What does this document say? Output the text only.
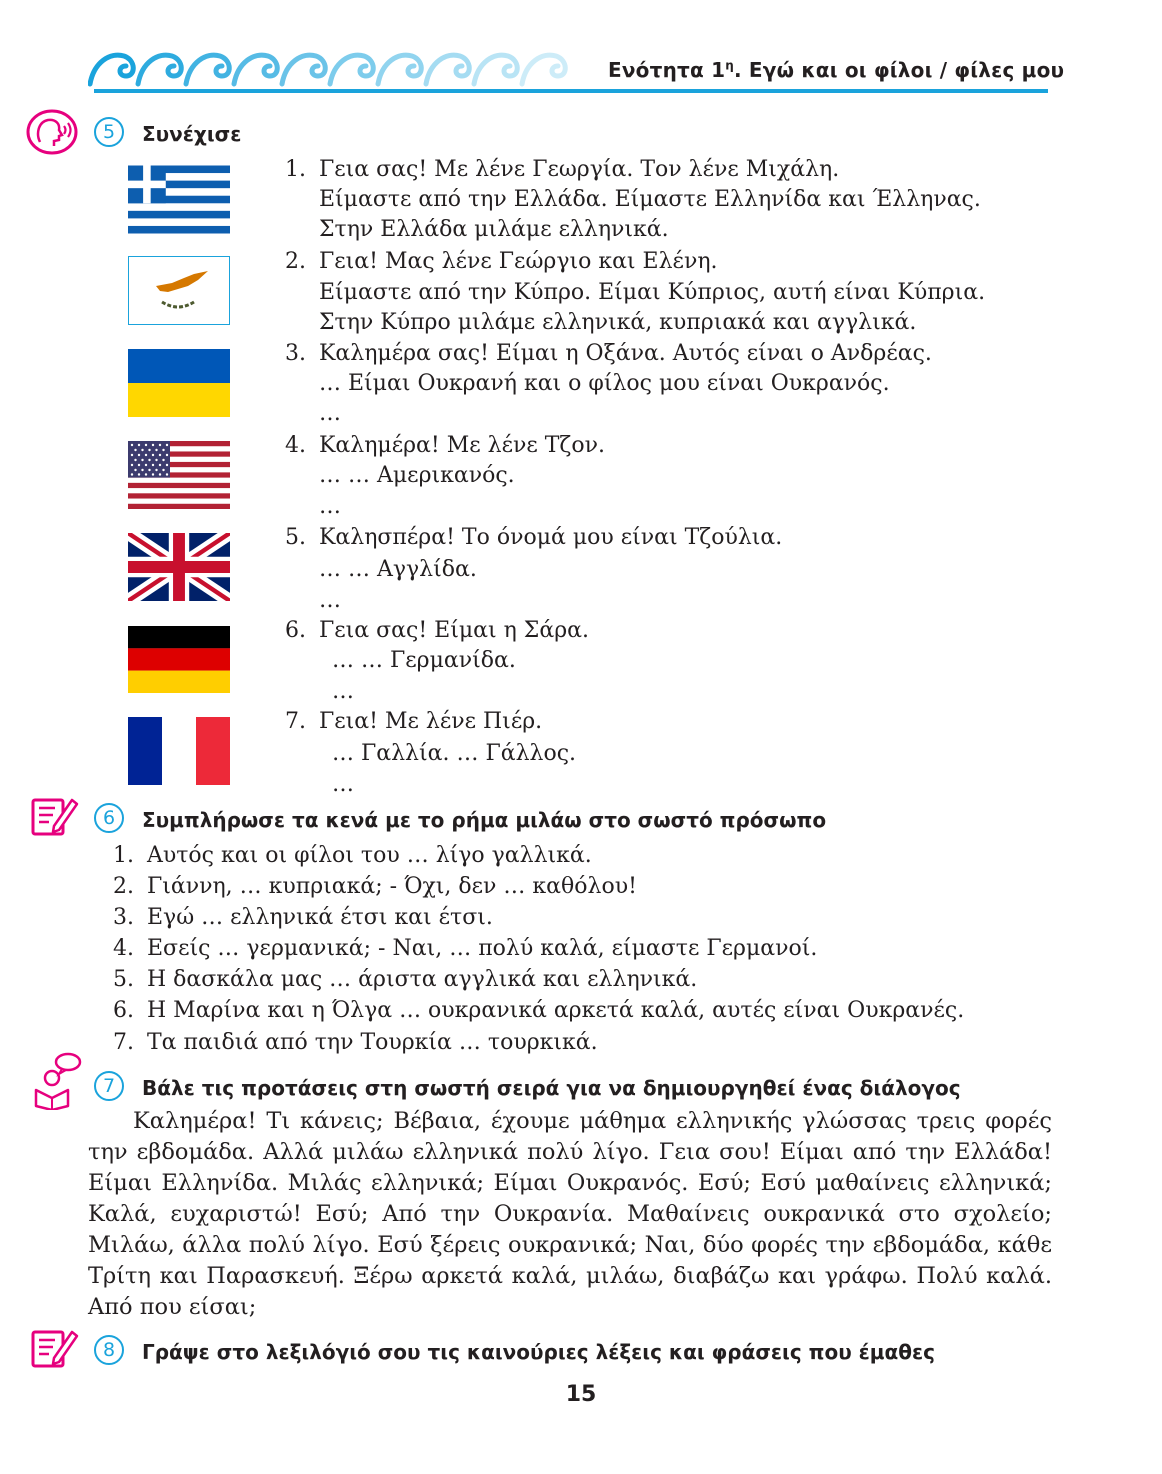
Ενότητα $1^\eta$. Εγώ και οι φίλοι / φίλες μου
5	Συνέχισε
1. Γεια σας! Με λένε Γεωργία. Τον λένε Μιχάλη.
Είμαστε από την Ελλάδα. Είμαστε Ελληνίδα και Έλληνας.
Στην Ελλάδα μιλάμε ελληνικά.
2. Γεια! Μας λένε Γεώργιο και Ελένη.
Είμαστε από την Κύπρο. Είμαι Κύπριος, αυτή είναι Κύπρια.
Στην Κύπρο μιλάμε ελληνικά, κυπριακά και αγγλικά.
3. Καλημέρα σας! Είμαι η Οξάνα. Αυτός είναι ο Ανδρέας.
… Είμαι Ουκρανή και ο φίλος μου είναι Ουκρανός.
…
4. Καλημέρα! Με λένε Τζον.
… … Αμερικανός.
…
5. Καλησπέρα! Το όνομά μου είναι Τζούλια.
… … Αγγλίδα.
…
6. Γεια σας! Είμαι η Σάρα.
… … Γερμανίδα.
…
7. Γεια! Με λένε Πιέρ.
… Γαλλία. … Γάλλος.
…
6	Συμπλήρωσε τα κενά με το ρήμα μιλάω στο σωστό πρόσωπο
1. Αυτός και οι φίλοι του … λίγο γαλλικά.
2. Γιάννη, … κυπριακά; - Όχι, δεν … καθόλου!
3. Εγώ … ελληνικά έτσι και έτσι.
4. Εσείς … γερμανικά; - Ναι, … πολύ καλά, είμαστε Γερμανοί.
5. Η δασκάλα μας … άριστα αγγλικά και ελληνικά.
6. Η Μαρίνα και η Όλγα … ουκρανικά αρκετά καλά, αυτές είναι Ουκρανές.
7. Τα παιδιά από την Τουρκία … τουρκικά.
7	Βάλε τις προτάσεις στη σωστή σειρά για να δημιουργηθεί ένας διάλογος

Καλημέρα! Τι κάνεις; Βέβαια, έχουμε μάθημα ελληνικής γλώσσας τρεις φορές την εβδομάδα. Αλλά μιλάω ελληνικά πολύ λίγο. Γεια σου! Είμαι από την Ελλάδα! Είμαι Ελληνίδα. Μιλάς ελληνικά; Είμαι Ουκρανός. Εσύ; Εσύ μαθαίνεις ελληνικά; Καλά, ευχαριστώ! Εσύ; Από την Ουκρανία. Μαθαίνεις ουκρανικά στο σχολείο; Μιλάω, άλλα πολύ λίγο. Εσύ ξέρεις ουκρανικά; Ναι, δύο φορές την εβδομάδα, κάθε Τρίτη και Παρασκευή. Ξέρω αρκετά καλά, μιλάω, διαβάζω και γράφω. Πολύ καλά. Από που είσαι;

8	Γράψε στο λεξιλόγιό σου τις καινούριες λέξεις και φράσεις που έμαθες
15
